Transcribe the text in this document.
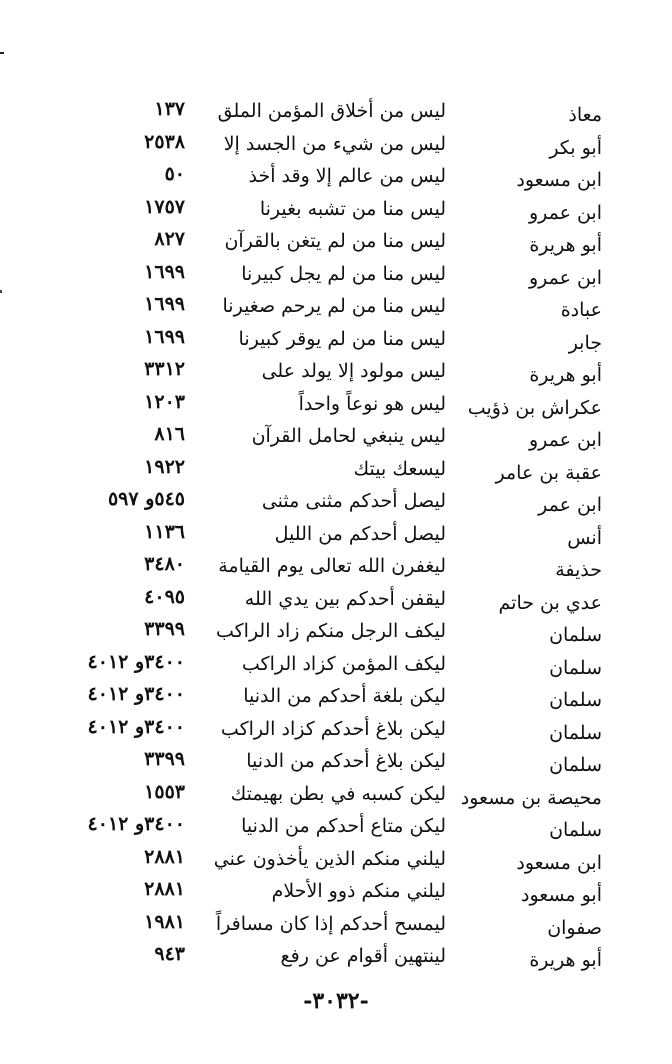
معاذ
ليس من أخلاق المؤمن الملق
١٣٧
أبو بكر
ليس من شيء من الجسد إلا
٢٥٣٨
ابن مسعود
ليس من عالم إلا وقد أخذ
٥٠
ابن عمرو
ليس منا من تشبه بغيرنا
١٧٥٧
أبو هريرة
ليس منا من لم يتغن بالقرآن
٨٢٧
ابن عمرو
ليس منا من لم يجل كبيرنا
١٦٩٩
عبادة
ليس منا من لم يرحم صغيرنا
١٦٩٩
جابر
ليس منا من لم يوقر كبيرنا
١٦٩٩
أبو هريرة
ليس مولود إلا يولد على
٣٣١٢
عكراش بن ذؤيب
ليس هو نوعاً واحداً
١٢٠٣
ابن عمرو
ليس ينبغي لحامل القرآن
٨١٦
عقبة بن عامر
ليسعك بيتك
١٩٢٢
ابن عمر
ليصل أحدكم مثنى مثنى
٥٤٥و ٥٩٧
أنس
ليصل أحدكم من الليل
١١٣٦
حذيفة
ليغفرن الله تعالى يوم القيامة
٣٤٨٠
عدي بن حاتم
ليقفن أحدكم بين يدي الله
٤٠٩٥
سلمان
ليكف الرجل منكم زاد الراكب
٣٣٩٩
سلمان
ليكف المؤمن كزاد الراكب
٣٤٠٠و ٤٠١٢
سلمان
ليكن بلغة أحدكم من الدنيا
٣٤٠٠و ٤٠١٢
سلمان
ليكن بلاغ أحدكم كزاد الراكب
٣٤٠٠و ٤٠١٢
سلمان
ليكن بلاغ أحدكم من الدنيا
٣٣٩٩
محيصة بن مسعود
ليكن كسبه في بطن بهيمتك
١٥٥٣
سلمان
ليكن متاع أحدكم من الدنيا
٣٤٠٠و ٤٠١٢
ابن مسعود
ليلني منكم الذين يأخذون عني
٢٨٨١
أبو مسعود
ليلني منكم ذوو الأحلام
٢٨٨١
صفوان
ليمسح أحدكم إذا كان مسافراً
١٩٨١
أبو هريرة
لينتهين أقوام عن رفع
٩٤٣
-٣٠٣٢-
